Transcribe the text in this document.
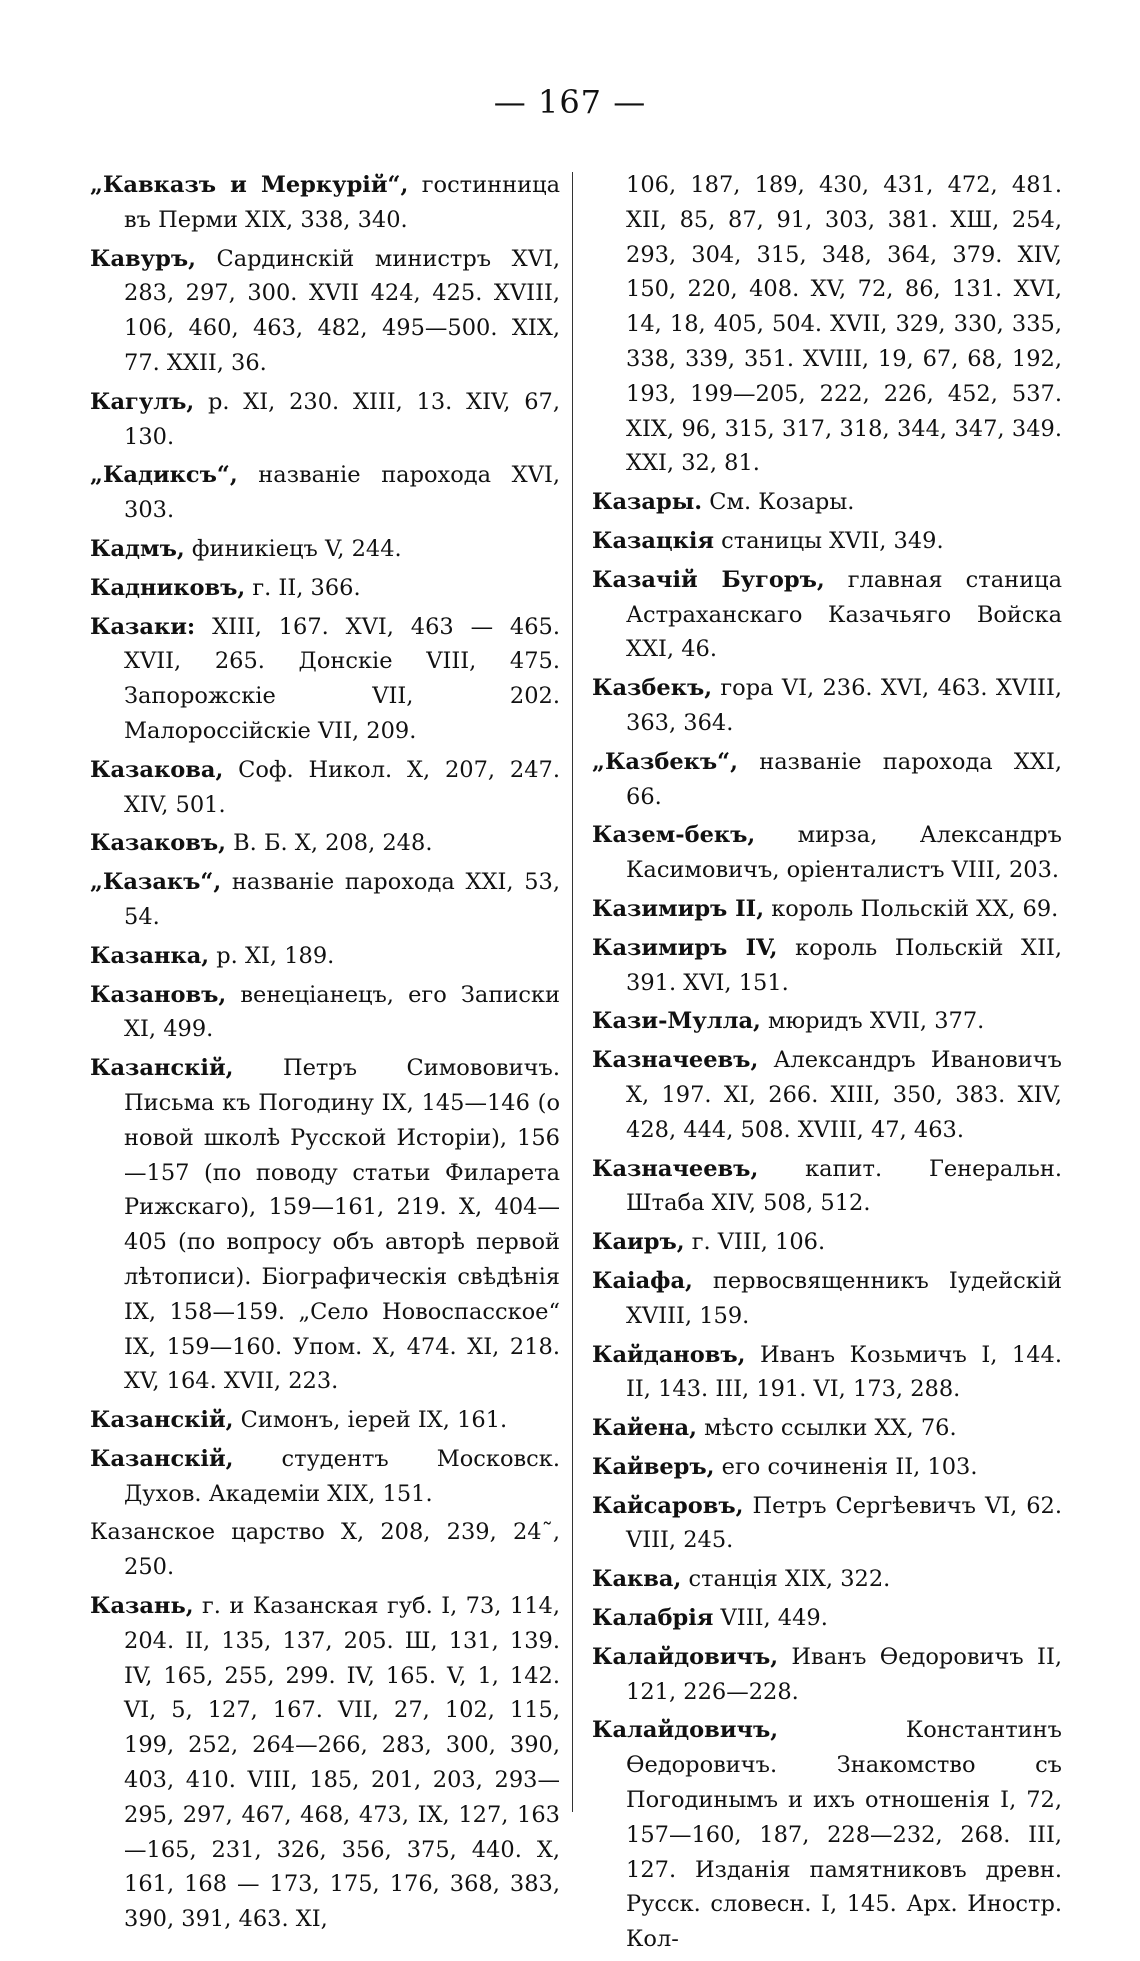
— 167 —

„Кавказъ и Меркурій“, гостинница въ Перми XIX, 338, 340.

Кавуръ, Сардинскій министръ XVI, 283, 297, 300. XVII 424, 425. XVIII, 106, 460, 463, 482, 495—500. XIX, 77. XXII, 36.

Кагулъ, р. XI, 230. XIII, 13. XIV, 67, 130.

„Кадиксъ“, названіе парохода XVI, 303.

Кадмъ, финикіецъ V, 244.

Кадниковъ, г. II, 366.

Казаки: XIII, 167. XVI, 463 — 465. XVII, 265. Донскіе VIII, 475. Запорожскіе VII, 202. Малороссійскіе VII, 209.

Казакова, Соф. Никол. X, 207, 247. XIV, 501.

Казаковъ, В. Б. X, 208, 248.

„Казакъ“, названіе парохода XXI, 53, 54.

Казанка, р. XI, 189.

Казановъ, венеціанецъ, его Записки XI, 499.

Казанскій, Петръ Симововичъ. Письма къ Погодину IX, 145—146 (о новой школѣ Русской Исторіи), 156—157 (по поводу статьи Филарета Рижскаго), 159—161, 219. X, 404—405 (по вопросу объ авторѣ первой лѣтописи). Біографическія свѣдѣнія IX, 158—159. „Село Новоспасское“ IX, 159—160. Упом. X, 474. XI, 218. XV, 164. XVII, 223.

Казанскій, Симонъ, іерей IX, 161.

Казанскій, студентъ Московск. Духов. Академіи XIX, 151.

Казанское царство X, 208, 239, 24˜, 250.

Казань, г. и Казанская губ. I, 73, 114, 204. II, 135, 137, 205. Ш, 131, 139. IV, 165, 255, 299. IV, 165. V, 1, 142. VI, 5, 127, 167. VII, 27, 102, 115, 199, 252, 264—266, 283, 300, 390, 403, 410. VIII, 185, 201, 203, 293—295, 297, 467, 468, 473, IX, 127, 163—165, 231, 326, 356, 375, 440. X, 161, 168 — 173, 175, 176, 368, 383, 390, 391, 463. XI,

106, 187, 189, 430, 431, 472, 481. XII, 85, 87, 91, 303, 381. ХШ, 254, 293, 304, 315, 348, 364, 379. XIV, 150, 220, 408. XV, 72, 86, 131. XVI, 14, 18, 405, 504. XVII, 329, 330, 335, 338, 339, 351. XVIII, 19, 67, 68, 192, 193, 199—205, 222, 226, 452, 537. XIX, 96, 315, 317, 318, 344, 347, 349. XXI, 32, 81.

Казары. См. Козары.

Казацкія станицы XVII, 349.

Казачій Бугоръ, главная станица Астраханскаго Казачьяго Войска XXI, 46.

Казбекъ, гора VI, 236. XVI, 463. XVIII, 363, 364.

„Казбекъ“, названіе парохода XXI, 66.

Казем-бекъ, мирза, Александръ Касимовичъ, оріенталистъ VIII, 203.

Казимиръ II, король Польскій XX, 69.

Казимиръ IV, король Польскій XII, 391. XVI, 151.

Кази-Мулла, мюридъ XVII, 377.

Казначеевъ, Александръ Ивановичъ X, 197. XI, 266. XIII, 350, 383. XIV, 428, 444, 508. XVIII, 47, 463.

Казначеевъ, капит. Генеральн. Штаба XIV, 508, 512.

Каиръ, г. VIII, 106.

Каіафа, первосвященникъ Іудейскій XVIII, 159.

Кайдановъ, Иванъ Козьмичъ I, 144. II, 143. III, 191. VI, 173, 288.

Кайена, мѣсто ссылки XX, 76.

Кайверъ, его сочиненія II, 103.

Кайсаровъ, Петръ Сергѣевичъ VI, 62. VIII, 245.

Каква, станція XIX, 322.

Калабрія VIII, 449.

Калайдовичъ, Иванъ Ѳедоровичъ II, 121, 226—228.

Калайдовичъ, Константинъ Ѳедоровичъ. Знакомство съ Погодинымъ и ихъ отношенія I, 72, 157—160, 187, 228—232, 268. III, 127. Изданія памятниковъ древн. Русск. словесн. I, 145. Арх. Иностр. Кол-
